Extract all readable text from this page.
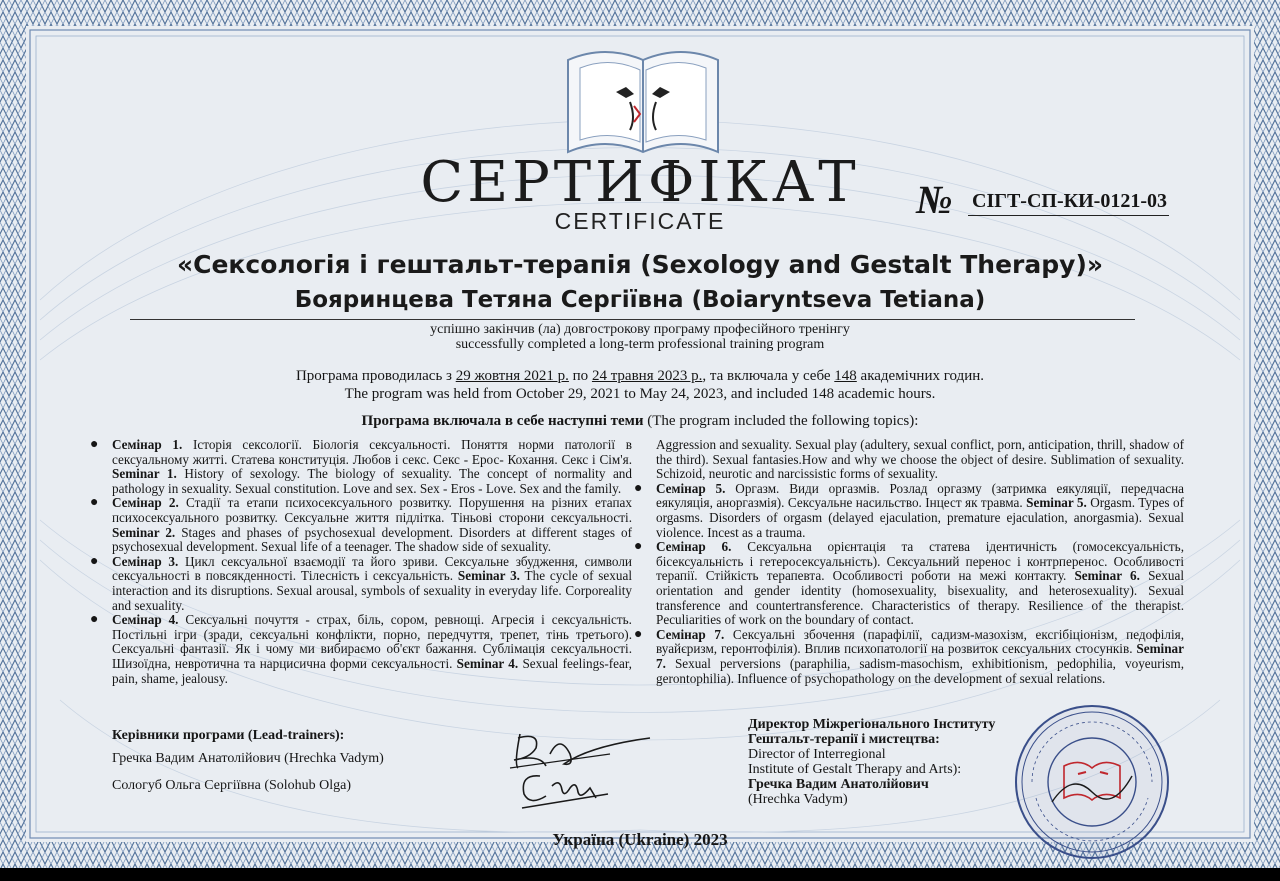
СЕРТИФІКАТ
CERTIFICATE	№ СІГТ-СП-КИ-0121-03
«Сексологія і гештальт-терапія (Sexology and Gestalt Therapy)»
Бояринцева Тетяна Сергіївна (Boiaryntseva Tetiana)
успішно закінчив (ла) довгострокову програму професійного тренінгу
successfully completed a long-term professional training program
Програма проводилась з 29 жовтня 2021 р. по 24 травня 2023 р., та включала у себе 148 академічних годин.
The program was held from October 29, 2021 to May 24, 2023, and included 148 academic hours.
Програма включала в себе наступні теми (The program included the following topics):

● Семінар 1. Історія сексології. Біологія сексуальності. Поняття норми патології в сексуальному житті. Статева конституція. Любов і секс. Секс - Ерос- Кохання. Секс і Сім'я. Seminar 1. History of sexology. The biology of sexuality. The concept of normality and pathology in sexuality. Sexual constitution. Love and sex. Sex - Eros - Love. Sex and the family.

● Семінар 2. Стадії та етапи психосексуального розвитку. Порушення на різних етапах психосексуального розвитку. Сексуальне життя підлітка. Тіньові сторони сексуальності. Seminar 2. Stages and phases of psychosexual development. Disorders at different stages of psychosexual development. Sexual life of a teenager. The shadow side of sexuality.

● Семінар 3. Цикл сексуальної взаємодії та його зриви. Сексуальне збудження, символи сексуальності в повсякденності. Тілесність і сексуальність. Seminar 3. The cycle of sexual interaction and its disruptions. Sexual arousal, symbols of sexuality in everyday life. Corporeality and sexuality.

● Семінар 4. Сексуальні почуття - страх, біль, сором, ревнощі. Агресія і сексуальність. Постільні ігри (зради, сексуальні конфлікти, порно, передчуття, трепет, тінь третього). Сексуальні фантазії. Як і чому ми вибираємо об'єкт бажання. Сублімація сексуальності. Шизоїдна, невротична та нарцисична форми сексуальності. Seminar 4. Sexual feelings-fear, pain, shame, jealousy.

Aggression and sexuality. Sexual play (adultery, sexual conflict, porn, anticipation, thrill, shadow of the third). Sexual fantasies.How and why we choose the object of desire. Sublimation of sexuality. Schizoid, neurotic and narcissistic forms of sexuality.

● Семінар 5. Оргазм. Види оргазмів. Розлад оргазму (затримка еякуляції, передчасна еякуляція, аноргазмія). Сексуальне насильство. Інцест як травма. Seminar 5. Orgasm. Types of orgasms. Disorders of orgasm (delayed ejaculation, premature ejaculation, anorgasmia). Sexual violence. Incest as a trauma.

● Семінар 6. Сексуальна орієнтація та статева ідентичність (гомосексуальність, бісексуальність і гетеросексуальність). Сексуальний перенос і контрперенос. Особливості терапії. Стійкість терапевта. Особливості роботи на межі контакту. Seminar 6. Sexual orientation and gender identity (homosexuality, bisexuality, and heterosexuality). Sexual transference and countertransference. Characteristics of therapy. Resilience of the therapist. Peculiarities of work on the boundary of contact.

● Семінар 7. Сексуальні збочення (парафілії, садизм-мазохізм, ексгібіціонізм, педофілія, вуайєризм, геронтофілія). Вплив психопатології на розвиток сексуальних стосунків. Seminar 7. Sexual perversions (paraphilia, sadism-masochism, exhibitionism, pedophilia, voyeurism, gerontophilia). Influence of psychopathology on the development of sexual relations.

Керівники програми (Lead-trainers):
Гречка Вадим Анатолійович (Hrechka Vadym)
Сологуб Ольга Сергіївна (Solohub Olga)
Директор Міжрегіонального Інституту
Гештальт-терапії і мистецтва:
Director of Interregional
Institute of Gestalt Therapy and Arts):
Гречка Вадим Анатолійович
(Hrechka Vadym)
Україна (Ukraine) 2023
